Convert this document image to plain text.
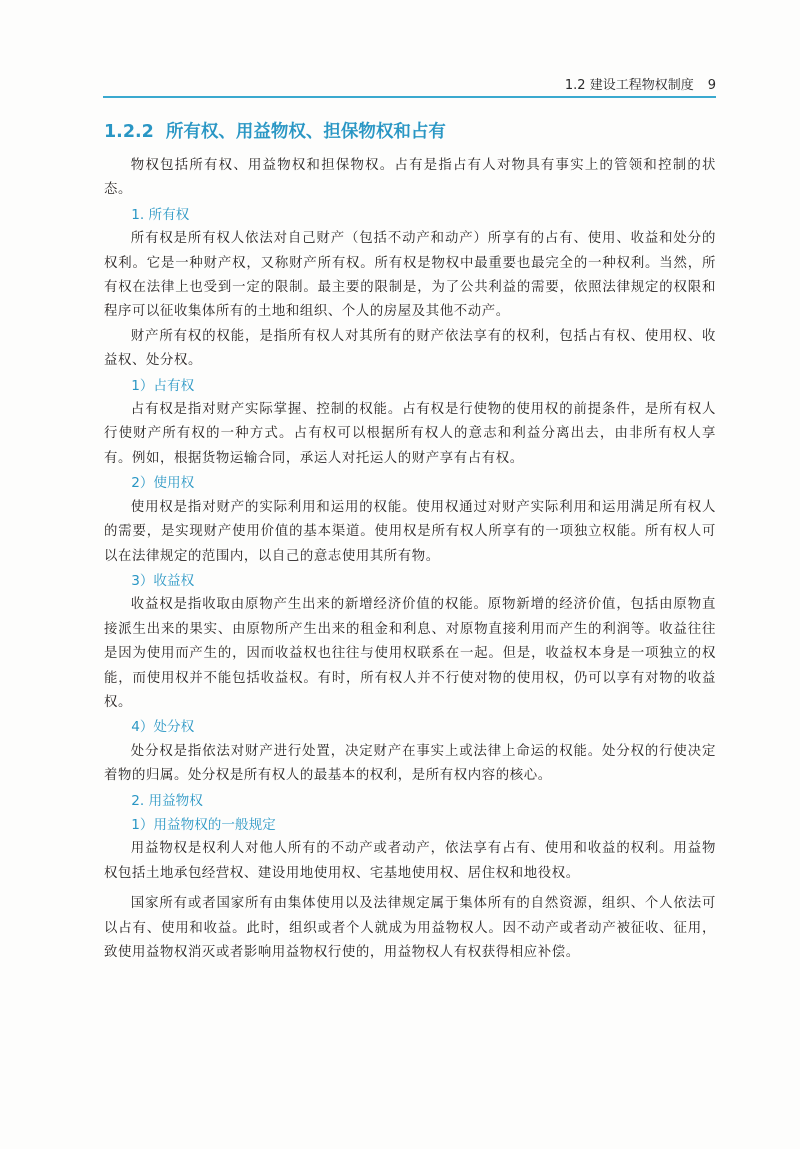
1.2 建设工程物权制度 9
1.2.2 所有权、用益物权、担保物权和占有

物权包括所有权、用益物权和担保物权。占有是指占有人对物具有事实上的管领和控制的状态。

1. 所有权

所有权是所有权人依法对自己财产（包括不动产和动产）所享有的占有、使用、收益和处分的权利。它是一种财产权，又称财产所有权。所有权是物权中最重要也最完全的一种权利。当然，所有权在法律上也受到一定的限制。最主要的限制是，为了公共利益的需要，依照法律规定的权限和程序可以征收集体所有的土地和组织、个人的房屋及其他不动产。

财产所有权的权能，是指所有权人对其所有的财产依法享有的权利，包括占有权、使用权、收益权、处分权。

1）占有权

占有权是指对财产实际掌握、控制的权能。占有权是行使物的使用权的前提条件，是所有权人行使财产所有权的一种方式。占有权可以根据所有权人的意志和利益分离出去，由非所有权人享有。例如，根据货物运输合同，承运人对托运人的财产享有占有权。

2）使用权

使用权是指对财产的实际利用和运用的权能。使用权通过对财产实际利用和运用满足所有权人的需要，是实现财产使用价值的基本渠道。使用权是所有权人所享有的一项独立权能。所有权人可以在法律规定的范围内，以自己的意志使用其所有物。

3）收益权

收益权是指收取由原物产生出来的新增经济价值的权能。原物新增的经济价值，包括由原物直接派生出来的果实、由原物所产生出来的租金和利息、对原物直接利用而产生的利润等。收益往往是因为使用而产生的，因而收益权也往往与使用权联系在一起。但是，收益权本身是一项独立的权能，而使用权并不能包括收益权。有时，所有权人并不行使对物的使用权，仍可以享有对物的收益权。

4）处分权

处分权是指依法对财产进行处置，决定财产在事实上或法律上命运的权能。处分权的行使决定着物的归属。处分权是所有权人的最基本的权利，是所有权内容的核心。

2. 用益物权
1）用益物权的一般规定

用益物权是权利人对他人所有的不动产或者动产，依法享有占有、使用和收益的权利。用益物权包括土地承包经营权、建设用地使用权、宅基地使用权、居住权和地役权。

国家所有或者国家所有由集体使用以及法律规定属于集体所有的自然资源，组织、个人依法可以占有、使用和收益。此时，组织或者个人就成为用益物权人。因不动产或者动产被征收、征用，致使用益物权消灭或者影响用益物权行使的，用益物权人有权获得相应补偿。
